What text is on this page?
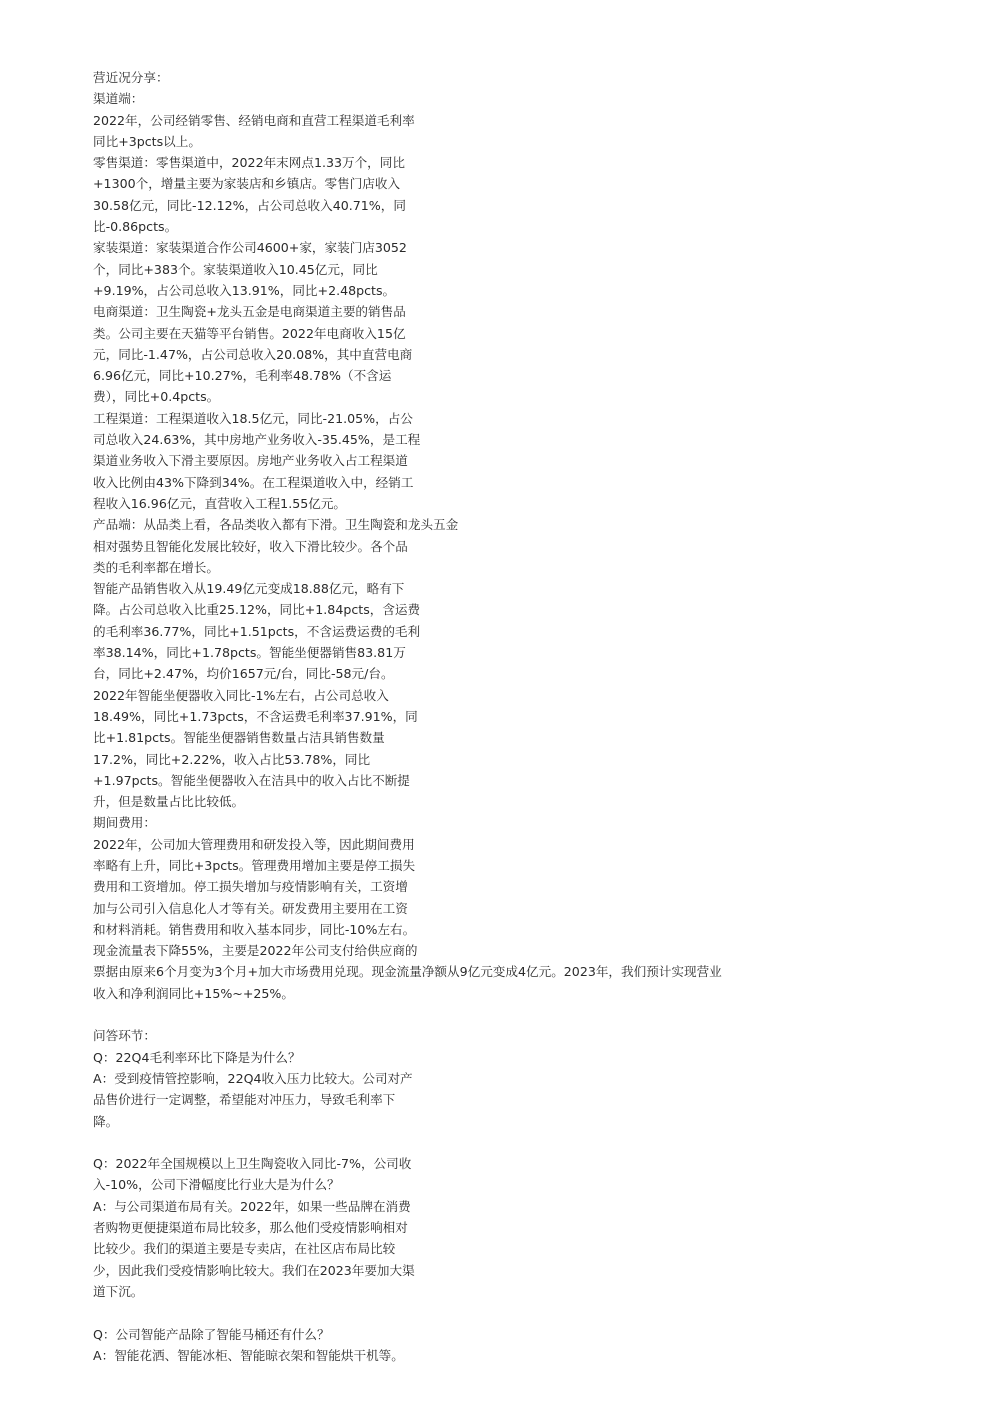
营近况分享：
渠道端：
2022年，公司经销零售、经销电商和直营工程渠道毛利率
同比+3pcts以上。
零售渠道：零售渠道中，2022年末网点1.33万个，同比
+1300个，增量主要为家装店和乡镇店。零售门店收入
30.58亿元，同比-12.12%，占公司总收入40.71%，同
比-0.86pcts。
家装渠道：家装渠道合作公司4600+家，家装门店3052
个，同比+383个。家装渠道收入10.45亿元，同比
+9.19%，占公司总收入13.91%，同比+2.48pcts。
电商渠道：卫生陶瓷+龙头五金是电商渠道主要的销售品
类。公司主要在天猫等平台销售。2022年电商收入15亿
元，同比-1.47%，占公司总收入20.08%，其中直营电商
6.96亿元，同比+10.27%，毛利率48.78%（不含运
费），同比+0.4pcts。
工程渠道：工程渠道收入18.5亿元，同比-21.05%，占公
司总收入24.63%，其中房地产业务收入-35.45%，是工程
渠道业务收入下滑主要原因。房地产业务收入占工程渠道
收入比例由43%下降到34%。在工程渠道收入中，经销工
程收入16.96亿元，直营收入工程1.55亿元。
产品端：从品类上看，各品类收入都有下滑。卫生陶瓷和龙头五金
相对强势且智能化发展比较好，收入下滑比较少。各个品
类的毛利率都在增长。
智能产品销售收入从19.49亿元变成18.88亿元，略有下
降。占公司总收入比重25.12%，同比+1.84pcts，含运费
的毛利率36.77%，同比+1.51pcts，不含运费运费的毛利
率38.14%，同比+1.78pcts。智能坐便器销售83.81万
台，同比+2.47%，均价1657元/台，同比-58元/台。
2022年智能坐便器收入同比-1%左右，占公司总收入
18.49%，同比+1.73pcts，不含运费毛利率37.91%，同
比+1.81pcts。智能坐便器销售数量占洁具销售数量
17.2%，同比+2.22%，收入占比53.78%，同比
+1.97pcts。智能坐便器收入在洁具中的收入占比不断提
升，但是数量占比比较低。
期间费用：
2022年，公司加大管理费用和研发投入等，因此期间费用
率略有上升，同比+3pcts。管理费用增加主要是停工损失
费用和工资增加。停工损失增加与疫情影响有关，工资增
加与公司引入信息化人才等有关。研发费用主要用在工资
和材料消耗。销售费用和收入基本同步，同比-10%左右。
现金流量表下降55%，主要是2022年公司支付给供应商的
票据由原来6个月变为3个月+加大市场费用兑现。现金流量净额从9亿元变成4亿元。2023年，我们预计实现营业
收入和净利润同比+15%~+25%。
问答环节：
Q：22Q4毛利率环比下降是为什么？
A：受到疫情管控影响，22Q4收入压力比较大。公司对产
品售价进行一定调整，希望能对冲压力，导致毛利率下
降。
Q：2022年全国规模以上卫生陶瓷收入同比-7%，公司收
入-10%，公司下滑幅度比行业大是为什么？
A：与公司渠道布局有关。2022年，如果一些品牌在消费
者购物更便捷渠道布局比较多，那么他们受疫情影响相对
比较少。我们的渠道主要是专卖店，在社区店布局比较
少，因此我们受疫情影响比较大。我们在2023年要加大渠
道下沉。
Q：公司智能产品除了智能马桶还有什么？
A：智能花洒、智能冰柜、智能晾衣架和智能烘干机等。
